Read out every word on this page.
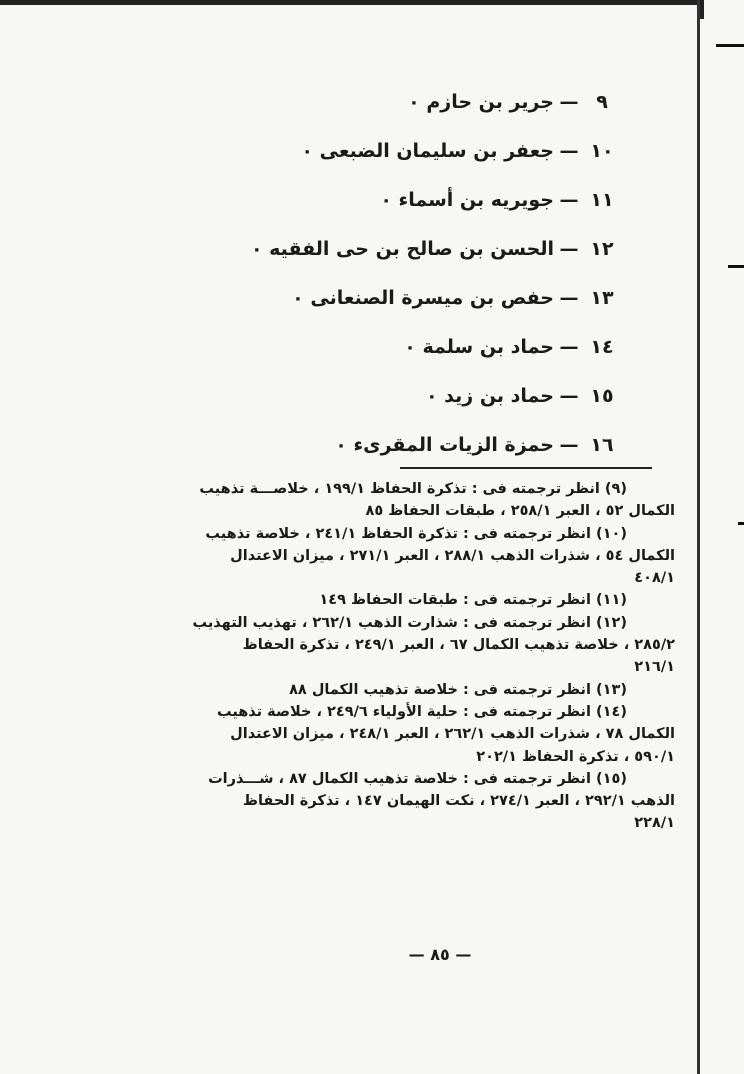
٩—جرير بن حازم ٠
١٠—جعفر بن سليمان الضبعى ٠
١١—جويريه بن أسماء ٠
١٢—الحسن بن صالح بن حى الفقيه ٠
١٣—حفص بن ميسرة الصنعانى ٠
١٤—حماد بن سلمة ٠
١٥—حماد بن زيد ٠
١٦—حمزة الزيات المقرىء ٠
(٩) انظر ترجمته فى : تذكرة الحفاظ ١٩٩/١ ، خلاصـــة تذهيب
الكمال ٥٢ ، العبر ٢٥٨/١ ، طبقات الحفاظ ٨٥
(١٠) انظر ترجمته فى : تذكرة الحفاظ ٢٤١/١ ، خلاصة تذهيب
الكمال ٥٤ ، شذرات الذهب ٢٨٨/١ ، العبر ٢٧١/١ ، ميزان الاعتدال
٤٠٨/١
(١١) انظر ترجمته فى : طبقات الحفاظ ١٤٩
(١٢) انظر ترجمته فى : شذارت الذهب ٢٦٢/١ ، تهذيب التهذيب
٢٨٥/٢ ، خلاصة تذهيب الكمال ٦٧ ، العبر ٢٤٩/١ ، تذكرة الحفاظ
٢١٦/١
(١٣) انظر ترجمته فى : خلاصة تذهيب الكمال ٨٨
(١٤) انظر ترجمته فى : حلية الأولياء ٢٤٩/٦ ، خلاصة تذهيب
الكمال ٧٨ ، شذرات الذهب ٢٦٢/١ ، العبر ٢٤٨/١ ، ميزان الاعتدال
٥٩٠/١ ، تذكرة الحفاظ ٢٠٢/١
(١٥) انظر ترجمته فى : خلاصة تذهيب الكمال ٨٧ ، شـــذرات
الذهب ٢٩٢/١ ، العبر ٢٧٤/١ ، نكت الهيمان ١٤٧ ، تذكرة الحفاظ
٢٢٨/١
— ٨٥ —
